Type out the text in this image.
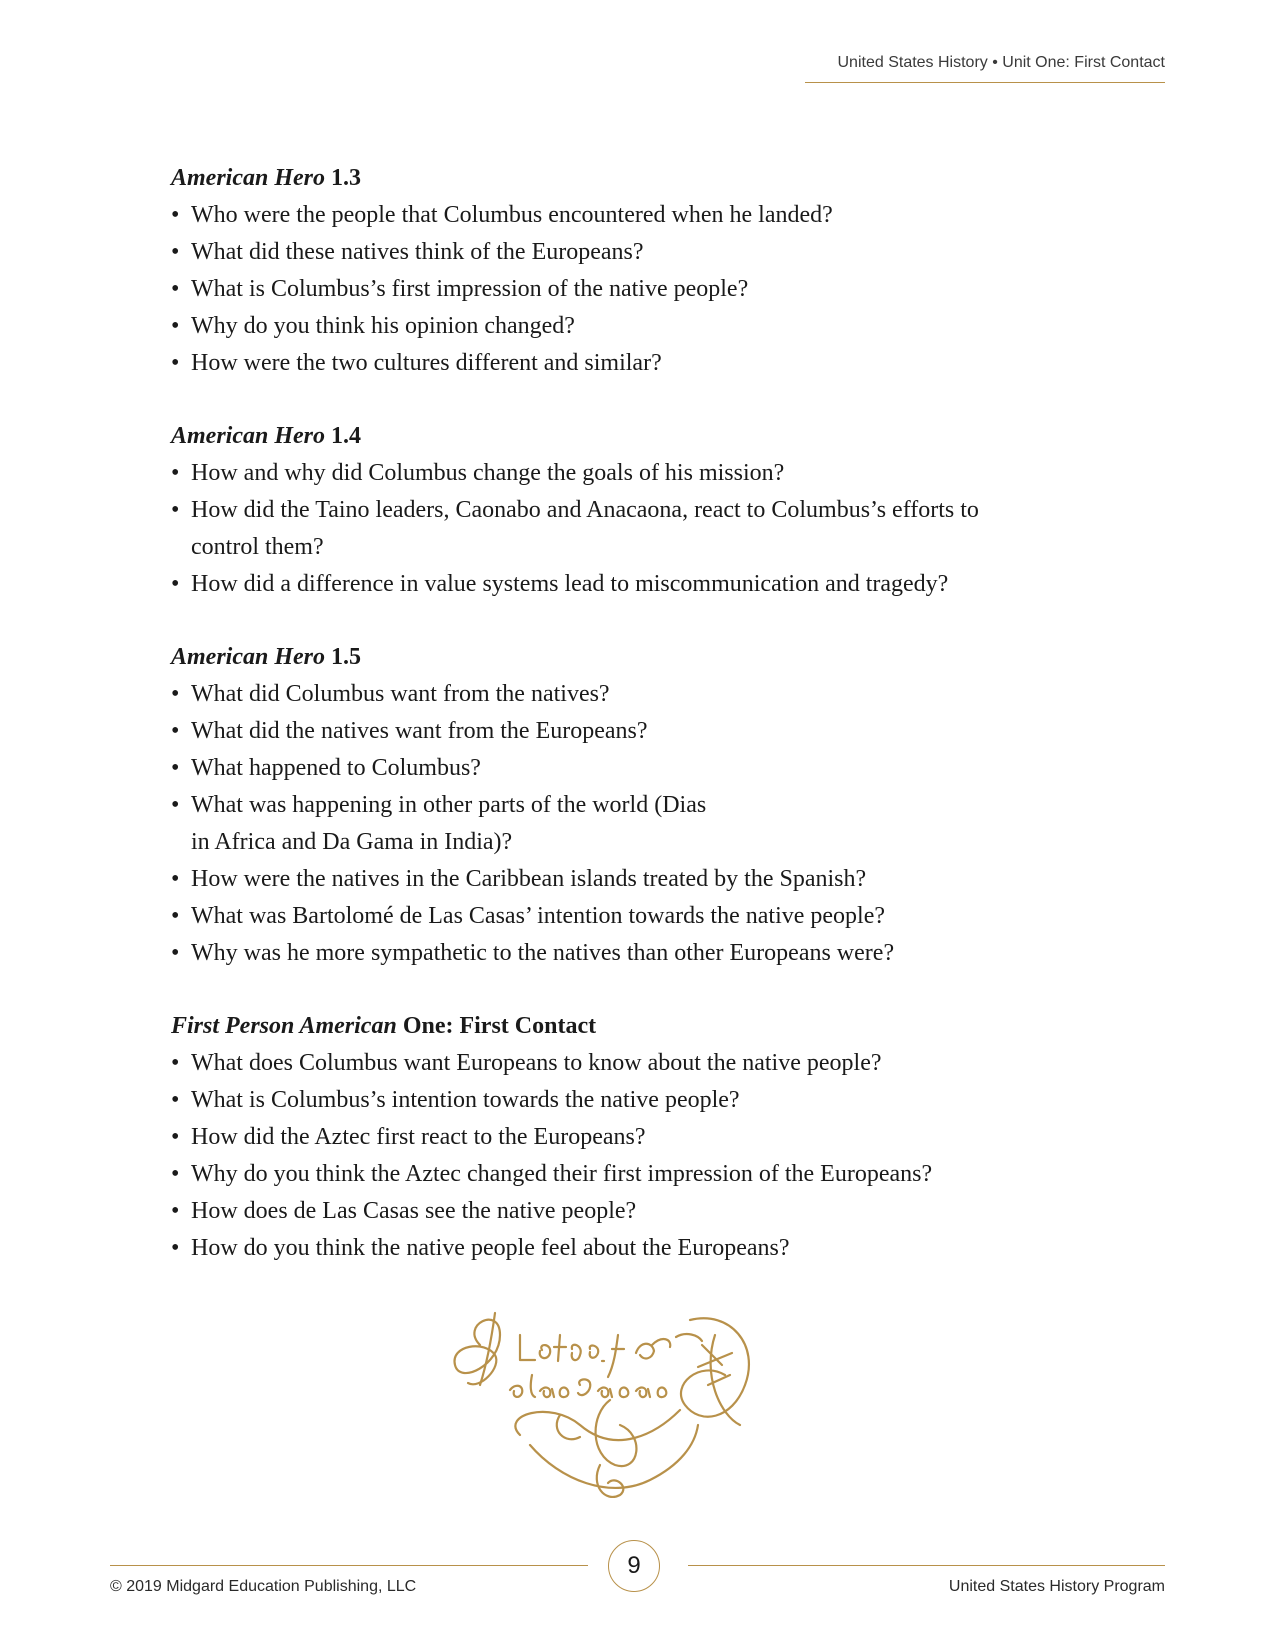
United States History • Unit One: First Contact

American Hero 1.3

• Who were the people that Columbus encountered when he landed?
• What did these natives think of the Europeans?
• What is Columbus’s first impression of the native people?
• Why do you think his opinion changed?
• How were the two cultures different and similar?

American Hero 1.4

• How and why did Columbus change the goals of his mission?
• How did the Taino leaders, Caonabo and Anacaona, react to Columbus’s efforts to control them?
• How did a difference in value systems lead to miscommunication and tragedy?

American Hero 1.5

• What did Columbus want from the natives?
• What did the natives want from the Europeans?
• What happened to Columbus?
• What was happening in other parts of the world (Dias in Africa and Da Gama in India)?
• How were the natives in the Caribbean islands treated by the Spanish?
• What was Bartolomé de Las Casas’ intention towards the native people?
• Why was he more sympathetic to the natives than other Europeans were?

First Person American One: First Contact

• What does Columbus want Europeans to know about the native people?
• What is Columbus’s intention towards the native people?
• How did the Aztec first react to the Europeans?
• Why do you think the Aztec changed their first impression of the Europeans?
• How does de Las Casas see the native people?
• How do you think the native people feel about the Europeans?
9
© 2019 Midgard Education Publishing, LLC	United States History Program
